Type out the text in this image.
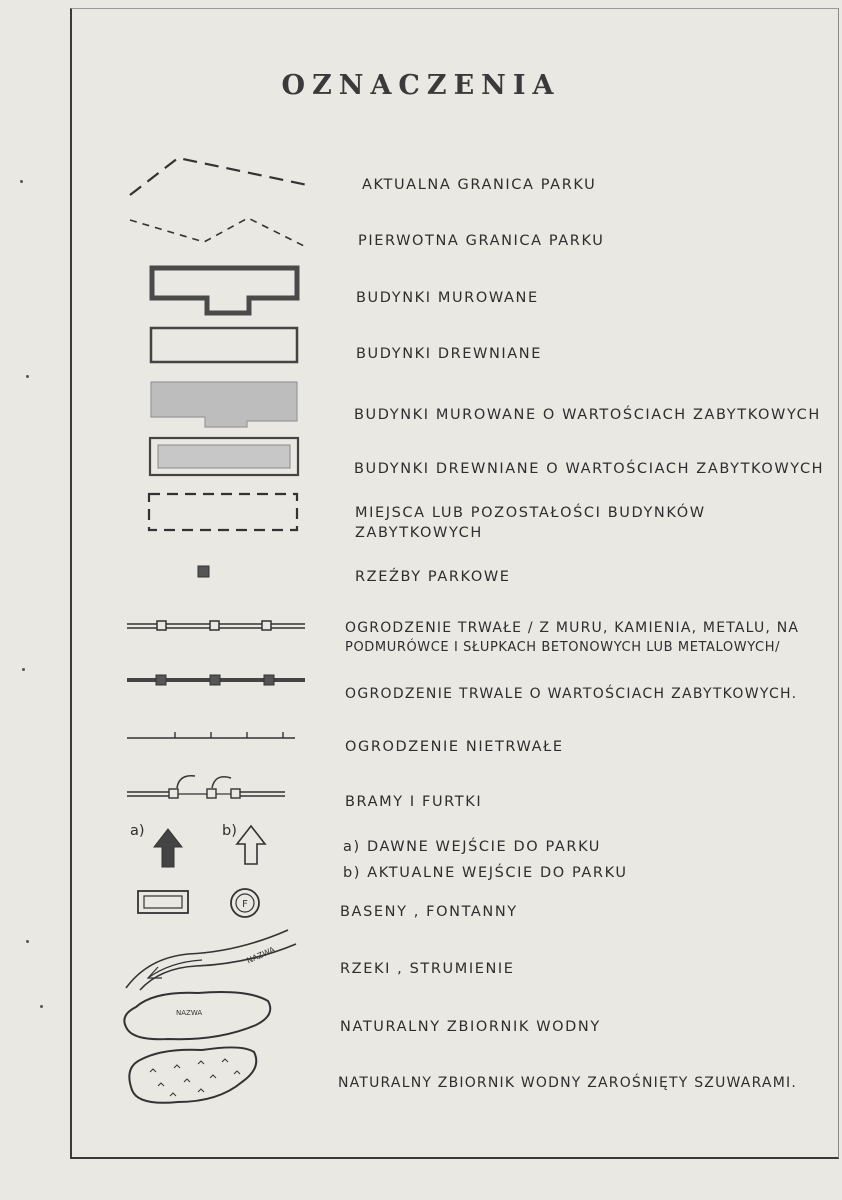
OZNACZENIA
AKTUALNA GRANICA PARKU
PIERWOTNA GRANICA PARKU
BUDYNKI MUROWANE
BUDYNKI DREWNIANE
BUDYNKI MUROWANE O WARTOŚCIACH ZABYTKOWYCH
BUDYNKI DREWNIANE O WARTOŚCIACH ZABYTKOWYCH
MIEJSCA LUB POZOSTAŁOŚCI BUDYNKÓW
ZABYTKOWYCH
RZEŹBY PARKOWE
OGRODZENIE TRWAŁE / Z MURU, KAMIENIA, METALU, NA
PODMURÓWCE I SŁUPKACH BETONOWYCH LUB METALOWYCH/
OGRODZENIE TRWALE O WARTOŚCIACH ZABYTKOWYCH.
OGRODZENIE NIETRWAŁE
BRAMY I FURTKI
a)	b)
a) DAWNE WEJŚCIE DO PARKU
b) AKTUALNE WEJŚCIE DO PARKU
F	BASENY , FONTANNY
NAZWA
RZEKI , STRUMIENIE
NAZWA
NATURALNY ZBIORNIK WODNY
NATURALNY ZBIORNIK WODNY ZAROŚNIĘTY SZUWARAMI.
